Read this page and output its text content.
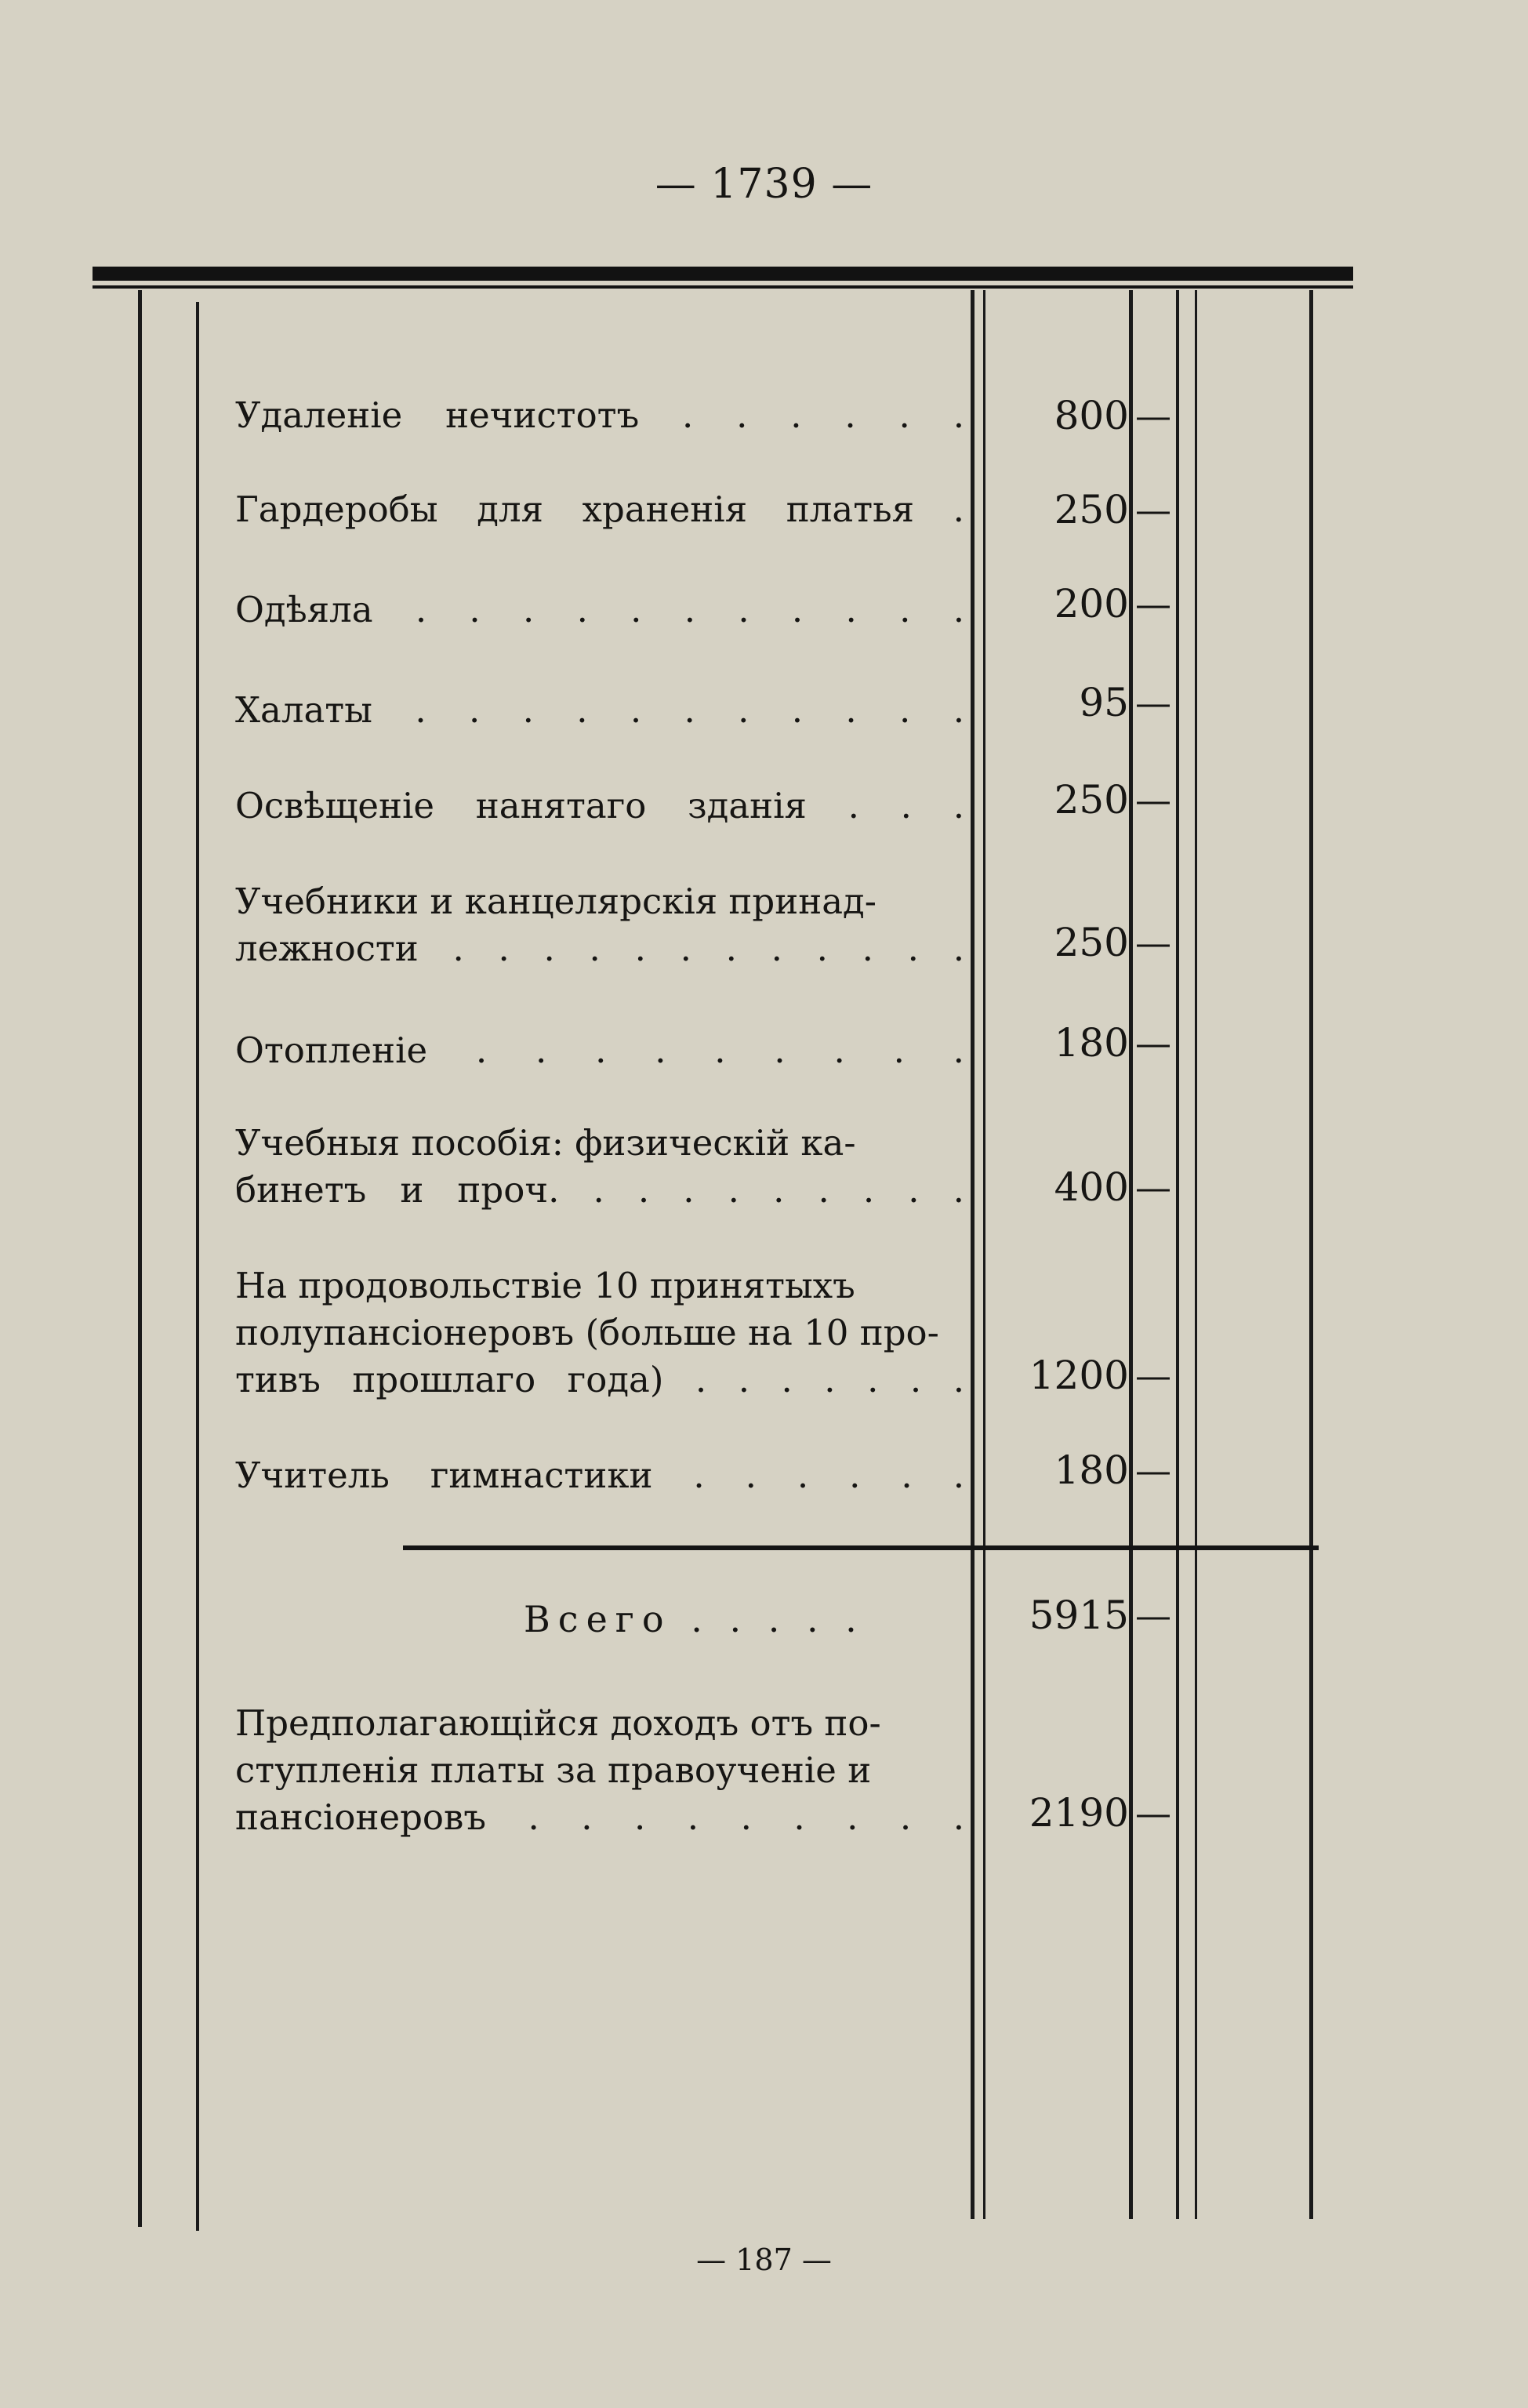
— 1739 —
Удаленіе нечистотъ . . . . . .	800 —
Гардеробы для храненія платья .	250 —
Одѣяла . . . . . . . . . . .	200 —
Халаты . . . . . . . . . . .	95 —
Освѣщеніе нанятаго зданія . . .	250 —
Учебники и канцелярскія принад-
лежности . . . . . . . . . . . .	250 —
Отопленіе . . . . . . . . .	180 —
Учебныя пособія: физическій ка-
бинетъ и проч. . . . . . . . . .	400 —
На продовольствіе 10 принятыхъ
полупансіонеровъ (больше на 10 про-
тивъ прошлаго года) . . . . . . .	1200 —
Учитель гимнастики . . . . . .	180 —
Всего . . . . .	5915 —
Предполагающійся доходъ отъ по-
ступленія платы за правоученіе и
пансіонеровъ . . . . . . . . .	2190 —
— 187 —
